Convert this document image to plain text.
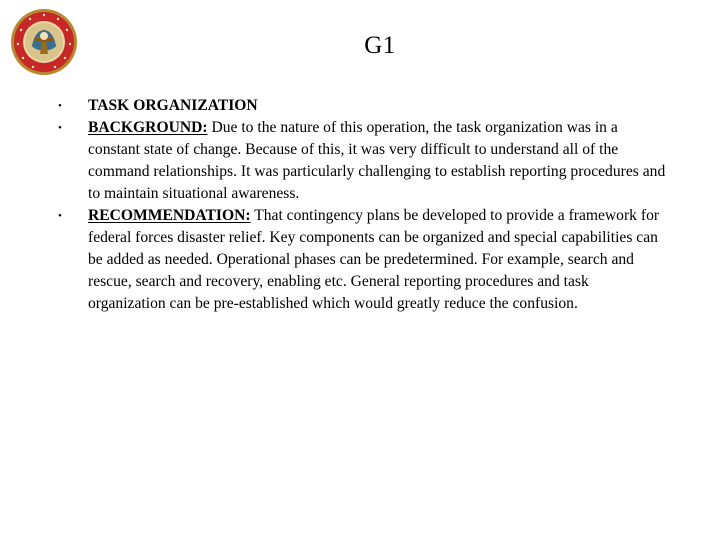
G1
•	TASK ORGANIZATION
•	BACKGROUND: Due to the nature of this operation, the task organization was in a constant state of change. Because of this, it was very difficult to understand all of the command relationships. It was particularly challenging to establish reporting procedures and to maintain situational awareness.
•	RECOMMENDATION: That contingency plans be developed to provide a framework for federal forces disaster relief. Key components can be organized and special capabilities can be added as needed. Operational phases can be predetermined. For example, search and rescue, search and recovery, enabling etc. General reporting procedures and task organization can be pre-established which would greatly reduce the confusion.
